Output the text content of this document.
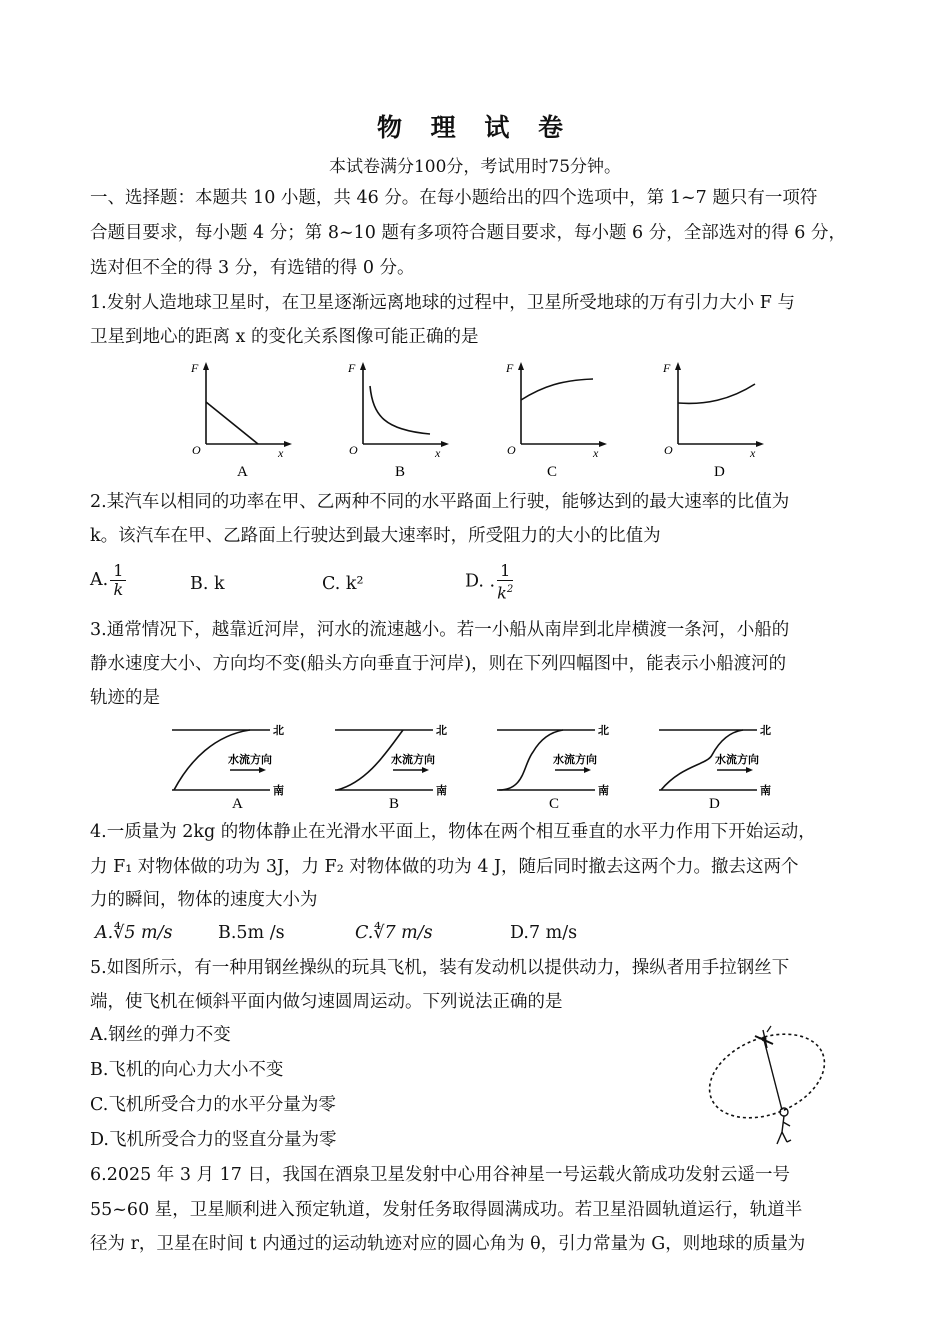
物 理 试 卷
本试卷满分100分，考试用时75分钟。
一、选择题：本题共 10 小题，共 46 分。在每小题给出的四个选项中，第 1~7 题只有一项符
合题目要求，每小题 4 分；第 8~10 题有多项符合题目要求，每小题 6 分，全部选对的得 6 分，
选对但不全的得 3 分，有选错的得 0 分。
1.发射人造地球卫星时，在卫星逐渐远离地球的过程中，卫星所受地球的万有引力大小 F 与
卫星到地心的距离 x 的变化关系图像可能正确的是
F
O	x
A
F
O	x
B
F
O	x
C
F
O	x
D
2.某汽车以相同的功率在甲、乙两种不同的水平路面上行驶，能够达到的最大速率的比值为
k。该汽车在甲、乙路面上行驶达到最大速率时，所受阻力的大小的比值为
A. $\frac{1}{k}$	B. k	C. k²	D. . $\frac{1}{k^2}$
3.通常情况下，越靠近河岸，河水的流速越小。若一小船从南岸到北岸横渡一条河，小船的
静水速度大小、方向均不变(船头方向垂直于河岸)，则在下列四幅图中，能表示小船渡河的
轨迹的是
北
南
水流方向
A
北
南
水流方向
B
北
南
水流方向
C
北
南
水流方向
D
4.一质量为 2kg 的物体静止在光滑水平面上，物体在两个相互垂直的水平力作用下开始运动，
力 F₁ 对物体做的功为 3J，力 F₂ 对物体做的功为 4 J，随后同时撤去这两个力。撤去这两个
力的瞬间，物体的速度大小为
A.∜5 m/s	B.5m /s	C.∜7 m/s	D.7 m/s
5.如图所示，有一种用钢丝操纵的玩具飞机，装有发动机以提供动力，操纵者用手拉钢丝下
端，使飞机在倾斜平面内做匀速圆周运动。下列说法正确的是
A.钢丝的弹力不变
B.飞机的向心力大小不变
C.飞机所受合力的水平分量为零
D.飞机所受合力的竖直分量为零
6.2025 年 3 月 17 日，我国在酒泉卫星发射中心用谷神星一号运载火箭成功发射云遥一号
55~60 星，卫星顺利进入预定轨道，发射任务取得圆满成功。若卫星沿圆轨道运行，轨道半
径为 r，卫星在时间 t 内通过的运动轨迹对应的圆心角为 θ，引力常量为 G，则地球的质量为
